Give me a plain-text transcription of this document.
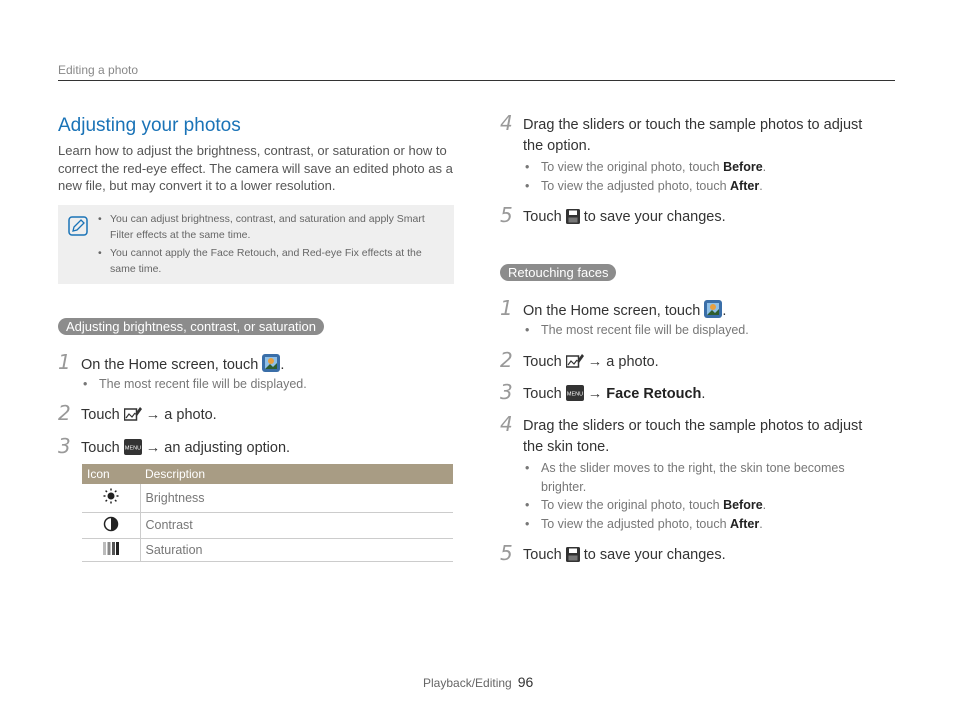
Editing a photo
Adjusting your photos

Learn how to adjust the brightness, contrast, or saturation or how to correct the red-eye effect. The camera will save an edited photo as a new file, but may convert it to a lower resolution.

• You can adjust brightness, contrast, and saturation and apply Smart Filter effects at the same time.
• You cannot apply the Face Retouch, and Red-eye Fix effects at the same time.
Adjusting brightness, contrast, or saturation
1 On the Home screen, touch .
• The most recent file will be displayed.
2 Touch → a photo.
3 Touch MENU → an adjusting option.
Icon	Description
	Brightness
	Contrast
	Saturation
4 Drag the sliders or touch the sample photos to adjust the option.
• To view the original photo, touch Before.
• To view the adjusted photo, touch After.
5 Touch to save your changes.
Retouching faces
1 On the Home screen, touch .
• The most recent file will be displayed.
2 Touch → a photo.
3 Touch MENU → Face Retouch.
4 Drag the sliders or touch the sample photos to adjust the skin tone.
• As the slider moves to the right, the skin tone becomes brighter.
• To view the original photo, touch Before.
• To view the adjusted photo, touch After.
5 Touch to save your changes.
Playback/Editing 96
